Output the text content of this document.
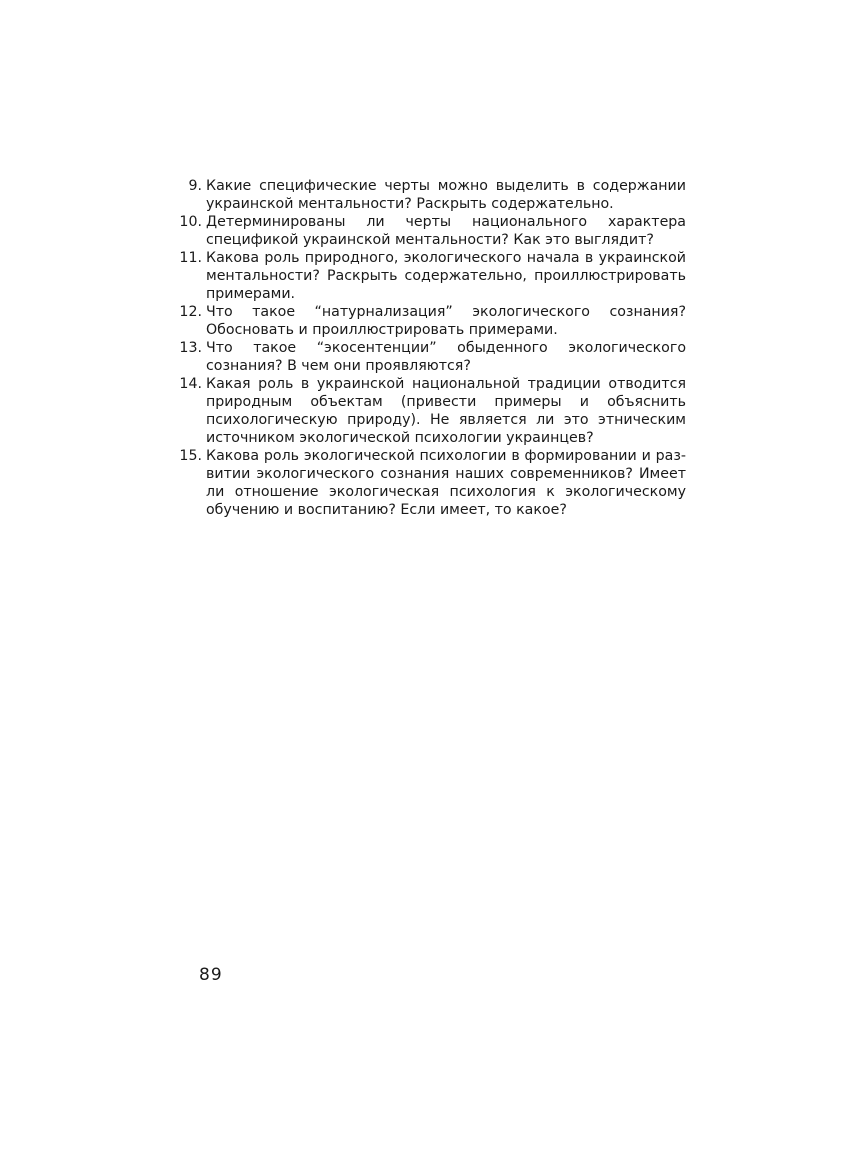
9. Какие специфические черты можно выделить в содержании украинской ментальности? Раскрыть содержательно.

10. Детерминированы ли черты национального характера спецификой украинской ментальности? Как это выглядит?

11. Какова роль природного, экологического начала в украинской ментальности? Раскрыть содержательно, проиллюстрировать примерами.

12. Что такое “натурнализация” экологического сознания? Обосновать и проиллюстрировать примерами.

13. Что такое “экосентенции” обыденного экологического сознания? В чем они проявляются?

14. Какая роль в украинской национальной традиции отводится природным объектам (привести примеры и объяснить психологическую природу). Не является ли это этническим источником экологической психологии украинцев?

15. Какова роль экологической психологии в формировании и развитии экологического сознания наших современников? Имеет ли отношение экологическая психология к экологическому обучению и воспитанию? Если имеет, то какое?

89
